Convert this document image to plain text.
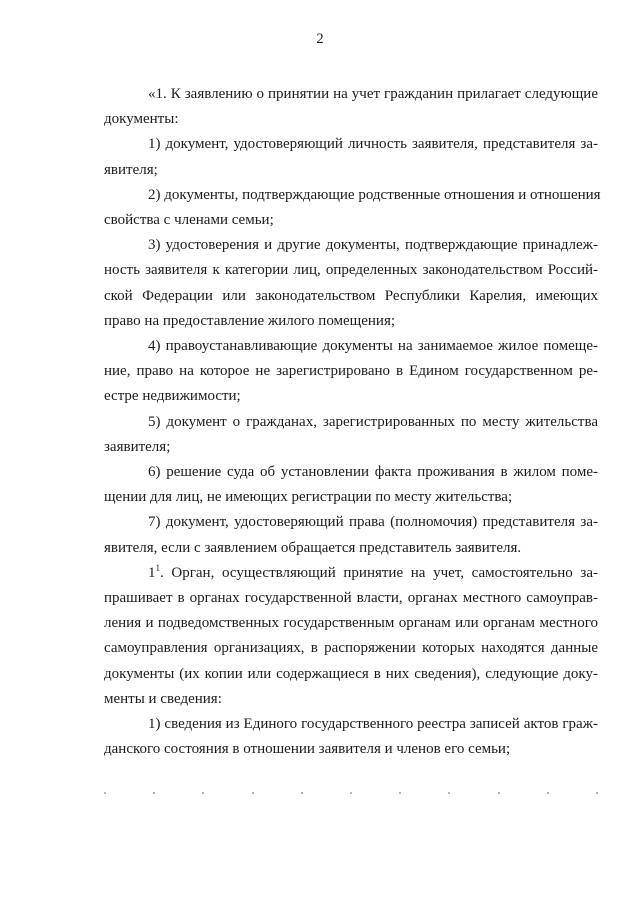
2

«1. К заявлению о принятии на учет гражданин прилагает следующие
документы:

1) документ, удостоверяющий личность заявителя, представителя за-
явителя;

2) документы, подтверждающие родственные отношения и отношения
свойства с членами семьи;

3) удостоверения и другие документы, подтверждающие принадлеж-
ность заявителя к категории лиц, определенных законодательством Россий-
ской Федерации или законодательством Республики Карелия, имеющих
право на предоставление жилого помещения;

4) правоустанавливающие документы на занимаемое жилое помеще-
ние, право на которое не зарегистрировано в Едином государственном ре-
естре недвижимости;

5) документ о гражданах, зарегистрированных по месту жительства
заявителя;

6) решение суда об установлении факта проживания в жилом поме-
щении для лиц, не имеющих регистрации по месту жительства;

7) документ, удостоверяющий права (полномочия) представителя за-
явителя, если с заявлением обращается представитель заявителя.

$1^1$. Орган, осуществляющий принятие на учет, самостоятельно за-
прашивает в органах государственной власти, органах местного самоуправ-
ления и подведомственных государственным органам или органам местного
самоуправления организациях, в распоряжении которых находятся данные
документы (их копии или содержащиеся в них сведения), следующие доку-
менты и сведения:

1) сведения из Единого государственного реестра записей актов граж-
данского состояния в отношении заявителя и членов его семьи;
